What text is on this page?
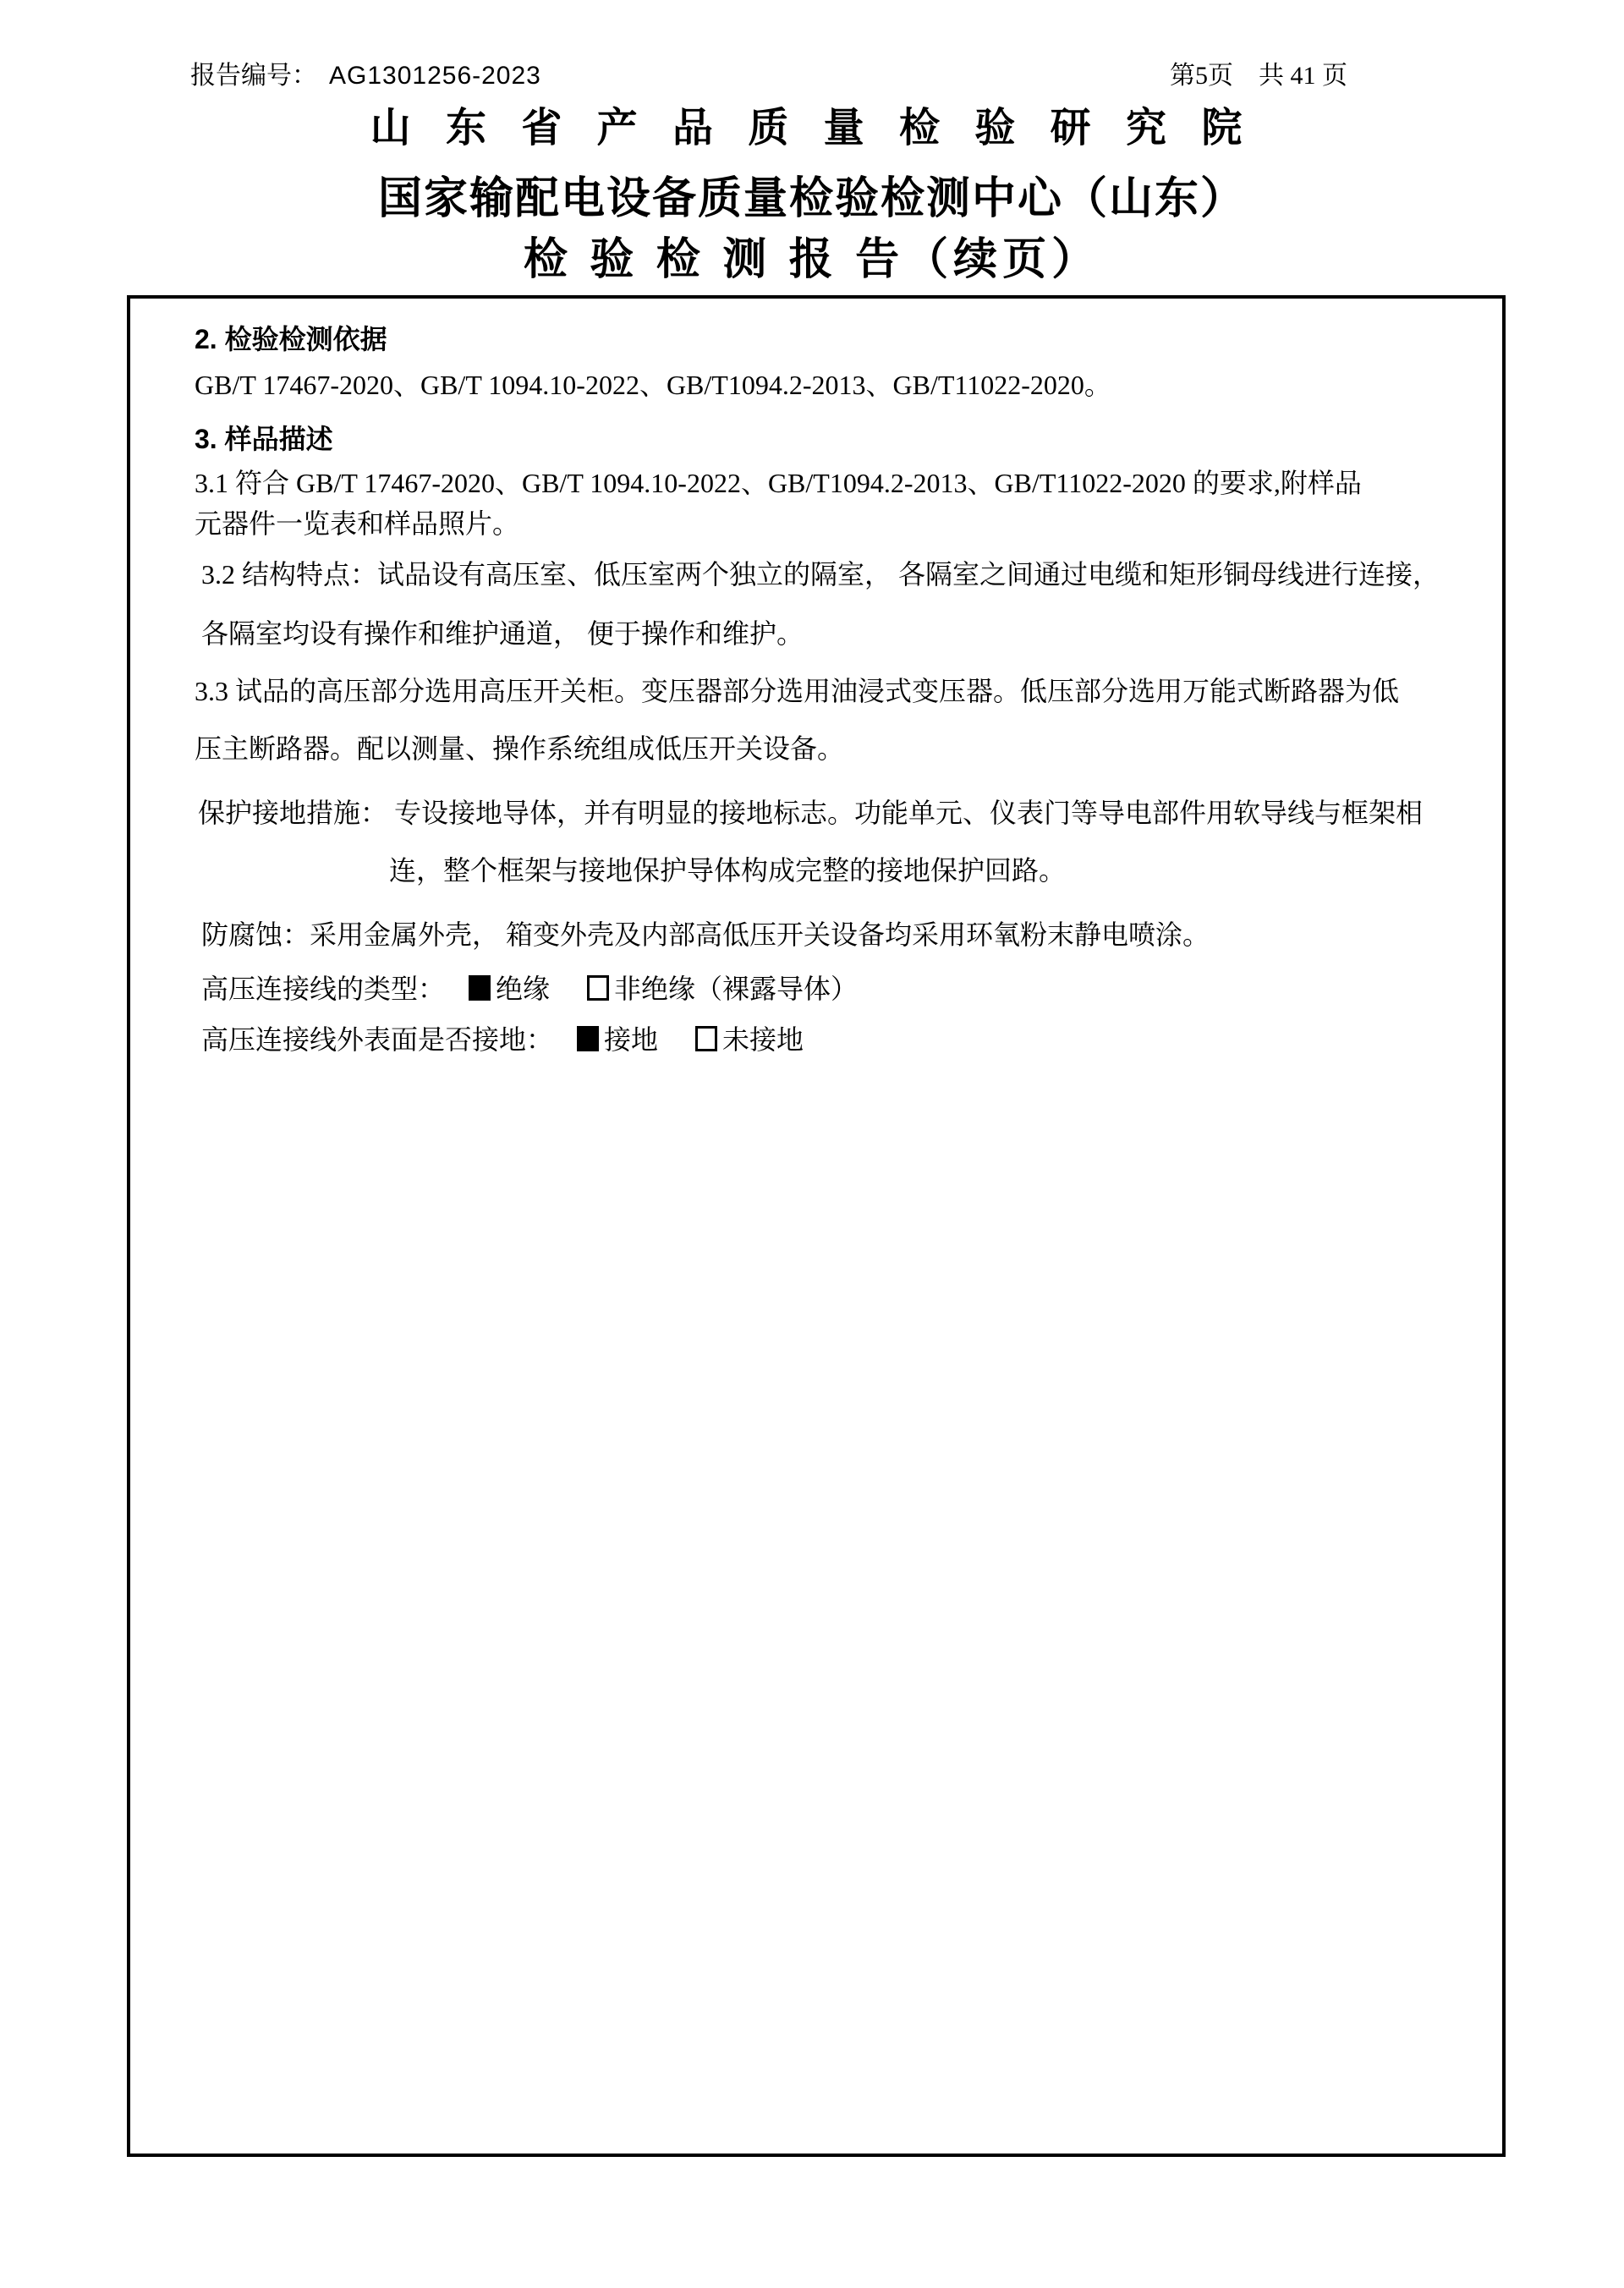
报告编号： AG1301256-2023	第5页　共 41 页
山 东 省 产 品 质 量 检 验 研 究 院
国家输配电设备质量检验检测中心（山东）
检 验 检 测 报 告（续页）
2. 检验检测依据
GB/T 17467-2020、GB/T 1094.10-2022、GB/T1094.2-2013、GB/T11022-2020。
3. 样品描述
3.1 符合 GB/T 17467-2020、GB/T 1094.10-2022、GB/T1094.2-2013、GB/T11022-2020 的要求,附样品
元器件一览表和样品照片。
3.2 结构特点：试品设有高压室、低压室两个独立的隔室， 各隔室之间通过电缆和矩形铜母线进行连接，
各隔室均设有操作和维护通道， 便于操作和维护。
3.3 试品的高压部分选用高压开关柜。变压器部分选用油浸式变压器。低压部分选用万能式断路器为低
压主断路器。配以测量、操作系统组成低压开关设备。
保护接地措施： 专设接地导体，并有明显的接地标志。功能单元、仪表门等导电部件用软导线与框架相
连，整个框架与接地保护导体构成完整的接地保护回路。
防腐蚀：采用金属外壳， 箱变外壳及内部高低压开关设备均采用环氧粉末静电喷涂。
高压连接线的类型： 绝缘 非绝缘（裸露导体）
高压连接线外表面是否接地： 接地 未接地
